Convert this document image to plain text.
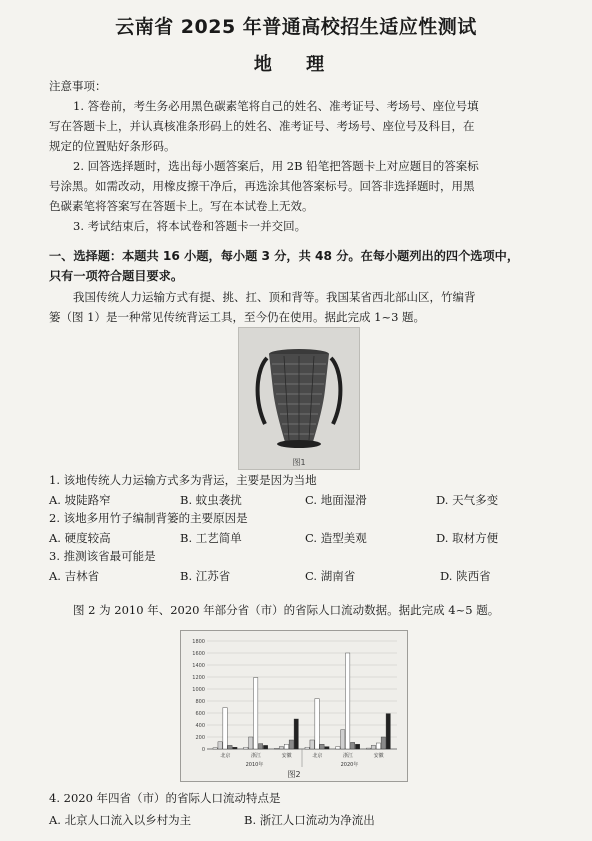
云南省 2025 年普通高校招生适应性测试
地 理
注意事项：
1. 答卷前，考生务必用黑色碳素笔将自己的姓名、准考证号、考场号、座位号填
写在答题卡上，并认真核准条形码上的姓名、准考证号、考场号、座位号及科目，在
规定的位置贴好条形码。
2. 回答选择题时，选出每小题答案后，用 2B 铅笔把答题卡上对应题目的答案标
号涂黑。如需改动，用橡皮擦干净后，再选涂其他答案标号。回答非选择题时，用黑
色碳素笔将答案写在答题卡上。写在本试卷上无效。
3. 考试结束后，将本试卷和答题卡一并交回。
一、选择题：本题共 16 小题，每小题 3 分，共 48 分。在每小题列出的四个选项中，
只有一项符合题目要求。
我国传统人力运输方式有提、挑、扛、顶和背等。我国某省西北部山区，竹编背
篓（图 1）是一种常见传统背运工具，至今仍在使用。据此完成 1~3 题。
图1
1. 该地传统人力运输方式多为背运，主要是因为当地
A. 坡陡路窄	B. 蚊虫袭扰	C. 地面湿滑	D. 天气多变
2. 该地多用竹子编制背篓的主要原因是
A. 硬度较高	B. 工艺简单	C. 造型美观	D. 取材方便
3. 推测该省最可能是
A. 吉林省	B. 江苏省	C. 湖南省	D. 陕西省
图 2 为 2010 年、2020 年部分省（市）的省际人口流动数据。据此完成 4~5 题。
0
200
400
600
800
1000
1200
1400
1600
1800
北京	浙江	安徽	北京	浙江	安徽
2010年	2020年
图2
4. 2020 年四省（市）的省际人口流动特点是
A. 北京人口流入以乡村为主	B. 浙江人口流动为净流出
